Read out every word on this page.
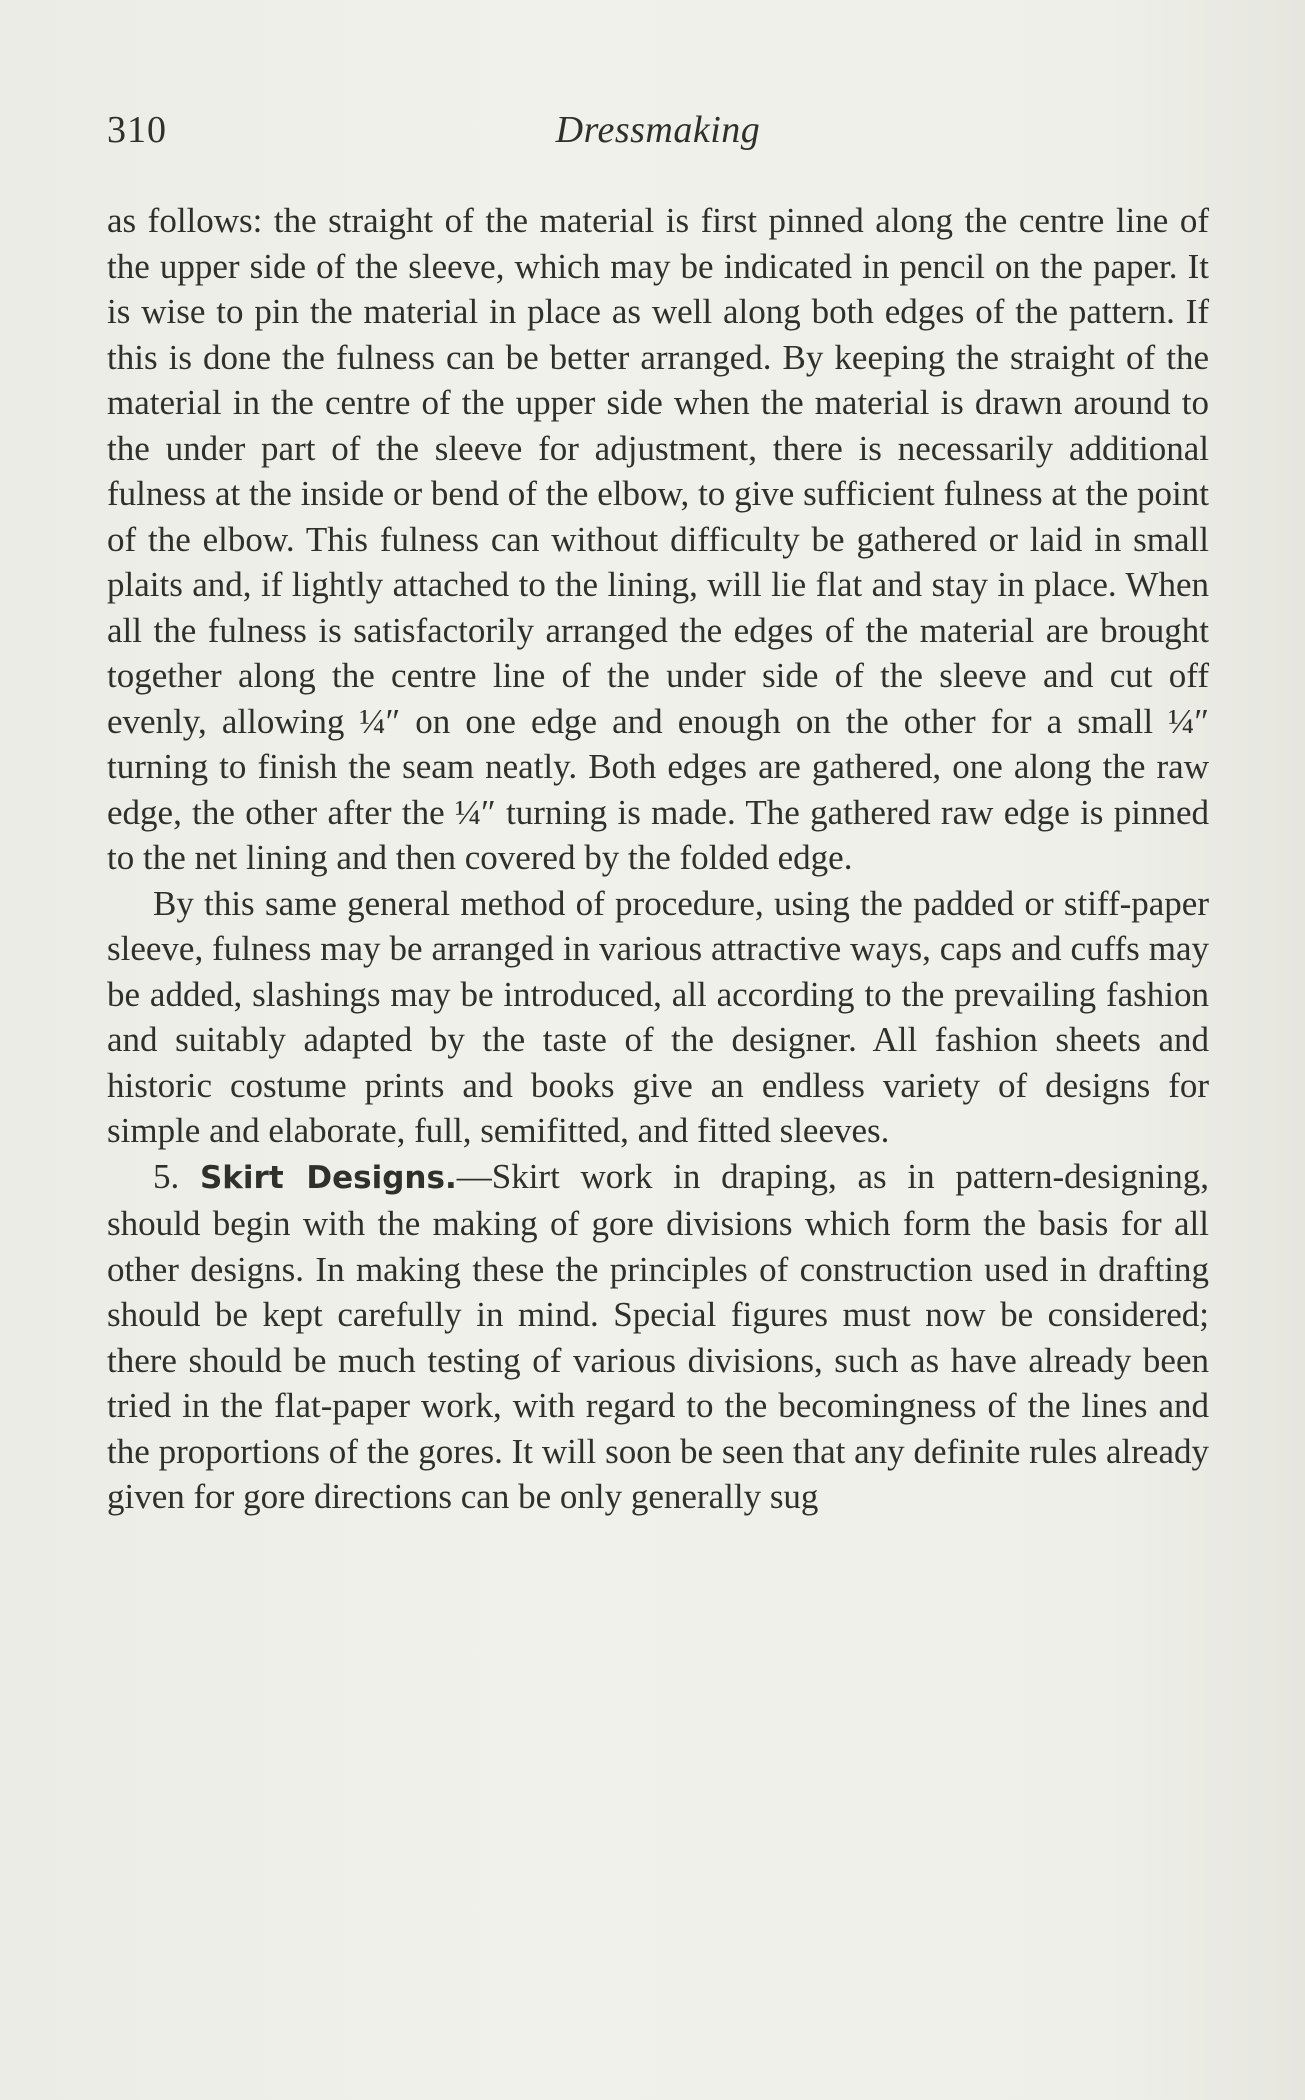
310	Dressmaking

as follows: the straight of the material is first pinned along the centre line of the upper side of the sleeve, which may be indicated in pencil on the paper. It is wise to pin the material in place as well along both edges of the pattern. If this is done the fulness can be better arranged. By keeping the straight of the material in the centre of the upper side when the material is drawn around to the under part of the sleeve for adjustment, there is necessarily additional fulness at the inside or bend of the elbow, to give sufficient fulness at the point of the elbow. This fulness can without difficulty be gathered or laid in small plaits and, if lightly attached to the lining, will lie flat and stay in place. When all the fulness is satisfactorily arranged the edges of the material are brought together along the centre line of the under side of the sleeve and cut off evenly, allowing ¼″ on one edge and enough on the other for a small ¼″ turning to finish the seam neatly. Both edges are gathered, one along the raw edge, the other after the ¼″ turning is made. The gathered raw edge is pinned to the net lining and then covered by the folded edge.

By this same general method of procedure, using the padded or stiff-paper sleeve, fulness may be arranged in various attractive ways, caps and cuffs may be added, slashings may be introduced, all according to the prevailing fashion and suitably adapted by the taste of the designer. All fashion sheets and historic costume prints and books give an endless variety of designs for simple and elaborate, full, semifitted, and fitted sleeves.

5. Skirt Designs.—Skirt work in draping, as in pattern-designing, should begin with the making of gore divisions which form the basis for all other designs. In making these the principles of construction used in drafting should be kept carefully in mind. Special figures must now be considered; there should be much testing of various divisions, such as have already been tried in the flat-paper work, with regard to the becomingness of the lines and the proportions of the gores. It will soon be seen that any definite rules already given for gore directions can be only generally sug
